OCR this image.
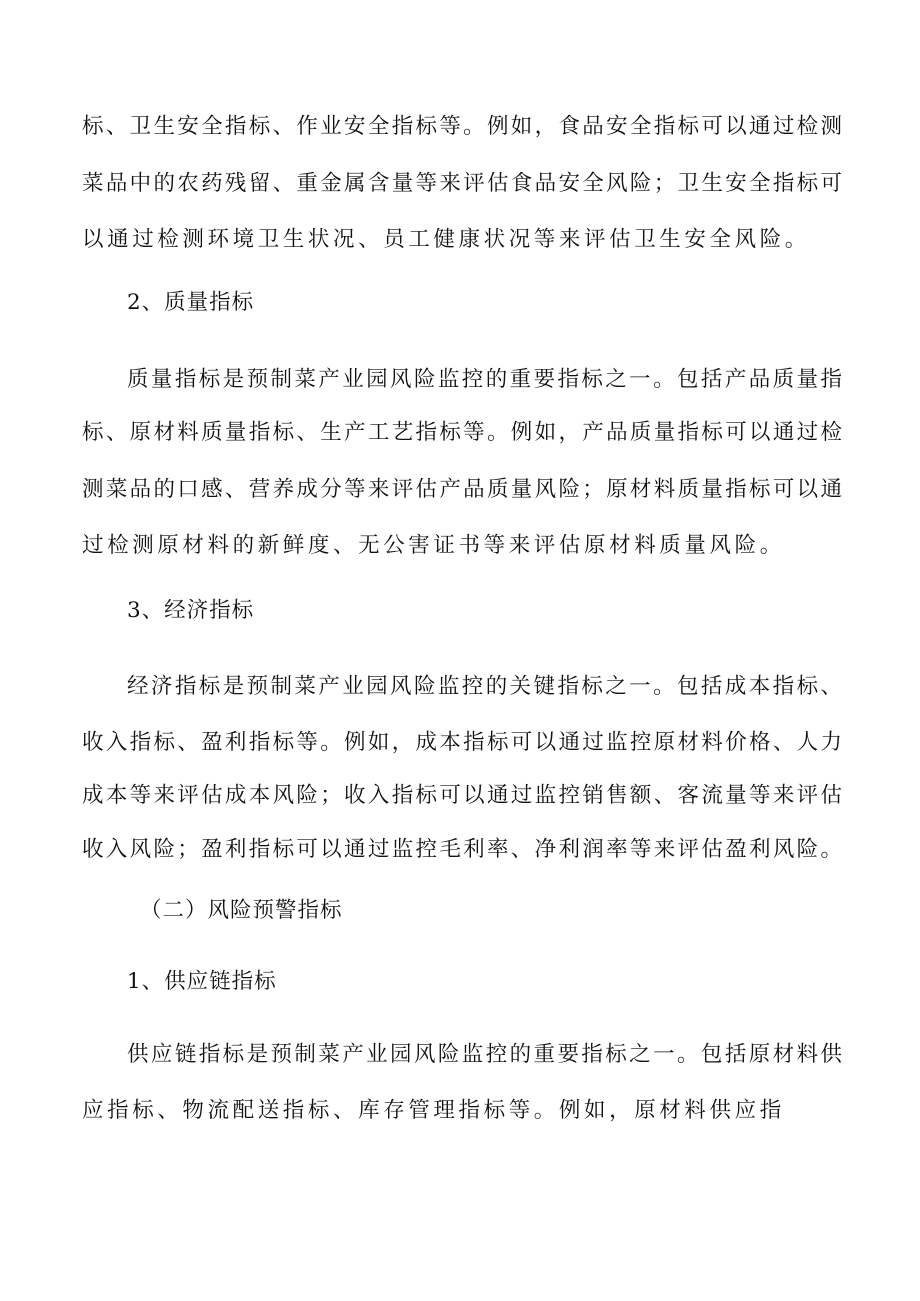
标、卫生安全指标、作业安全指标等。例如，食品安全指标可以通过检测
菜品中的农药残留、重金属含量等来评估食品安全风险；卫生安全指标可
以通过检测环境卫生状况、员工健康状况等来评估卫生安全风险。
2、质量指标
质量指标是预制菜产业园风险监控的重要指标之一。包括产品质量指
标、原材料质量指标、生产工艺指标等。例如，产品质量指标可以通过检
测菜品的口感、营养成分等来评估产品质量风险；原材料质量指标可以通
过检测原材料的新鲜度、无公害证书等来评估原材料质量风险。
3、经济指标
经济指标是预制菜产业园风险监控的关键指标之一。包括成本指标、
收入指标、盈利指标等。例如，成本指标可以通过监控原材料价格、人力
成本等来评估成本风险；收入指标可以通过监控销售额、客流量等来评估
收入风险；盈利指标可以通过监控毛利率、净利润率等来评估盈利风险。
（二）风险预警指标
1、供应链指标
供应链指标是预制菜产业园风险监控的重要指标之一。包括原材料供
应指标、物流配送指标、库存管理指标等。例如，原材料供应指
